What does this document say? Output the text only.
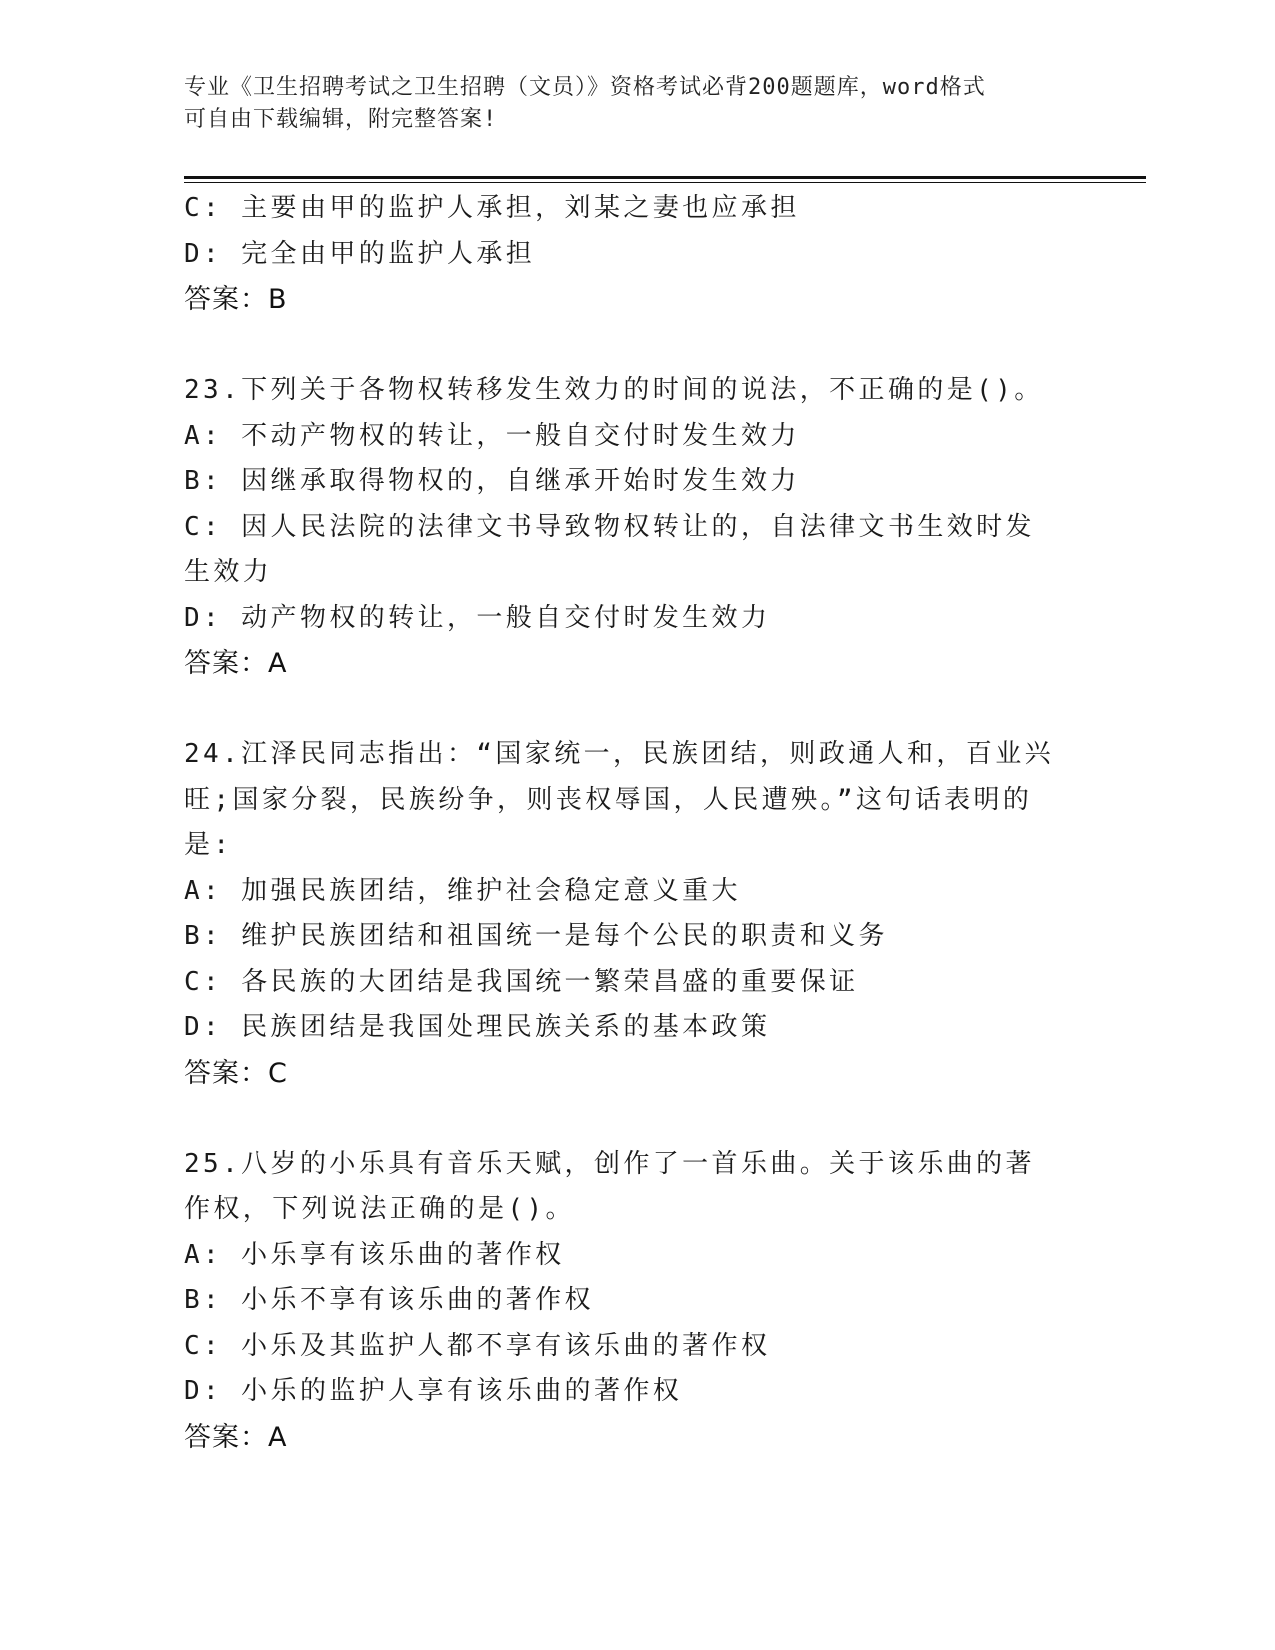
专业《卫生招聘考试之卫生招聘（文员）》资格考试必背200题题库，word格式
可自由下载编辑，附完整答案!
C: 主要由甲的监护人承担，刘某之妻也应承担
D: 完全由甲的监护人承担
答案：B
23.下列关于各物权转移发生效力的时间的说法，不正确的是()。
A: 不动产物权的转让，一般自交付时发生效力
B: 因继承取得物权的，自继承开始时发生效力
C: 因人民法院的法律文书导致物权转让的，自法律文书生效时发生效力
D: 动产物权的转让，一般自交付时发生效力
答案：A
24.江泽民同志指出：“国家统一，民族团结，则政通人和，百业兴旺;国家分裂，民族纷争，则丧权辱国，人民遭殃。”这句话表明的是:
A: 加强民族团结，维护社会稳定意义重大
B: 维护民族团结和祖国统一是每个公民的职责和义务
C: 各民族的大团结是我国统一繁荣昌盛的重要保证
D: 民族团结是我国处理民族关系的基本政策
答案：C
25.八岁的小乐具有音乐天赋，创作了一首乐曲。关于该乐曲的著作权，下列说法正确的是()。
A: 小乐享有该乐曲的著作权
B: 小乐不享有该乐曲的著作权
C: 小乐及其监护人都不享有该乐曲的著作权
D: 小乐的监护人享有该乐曲的著作权
答案：A
